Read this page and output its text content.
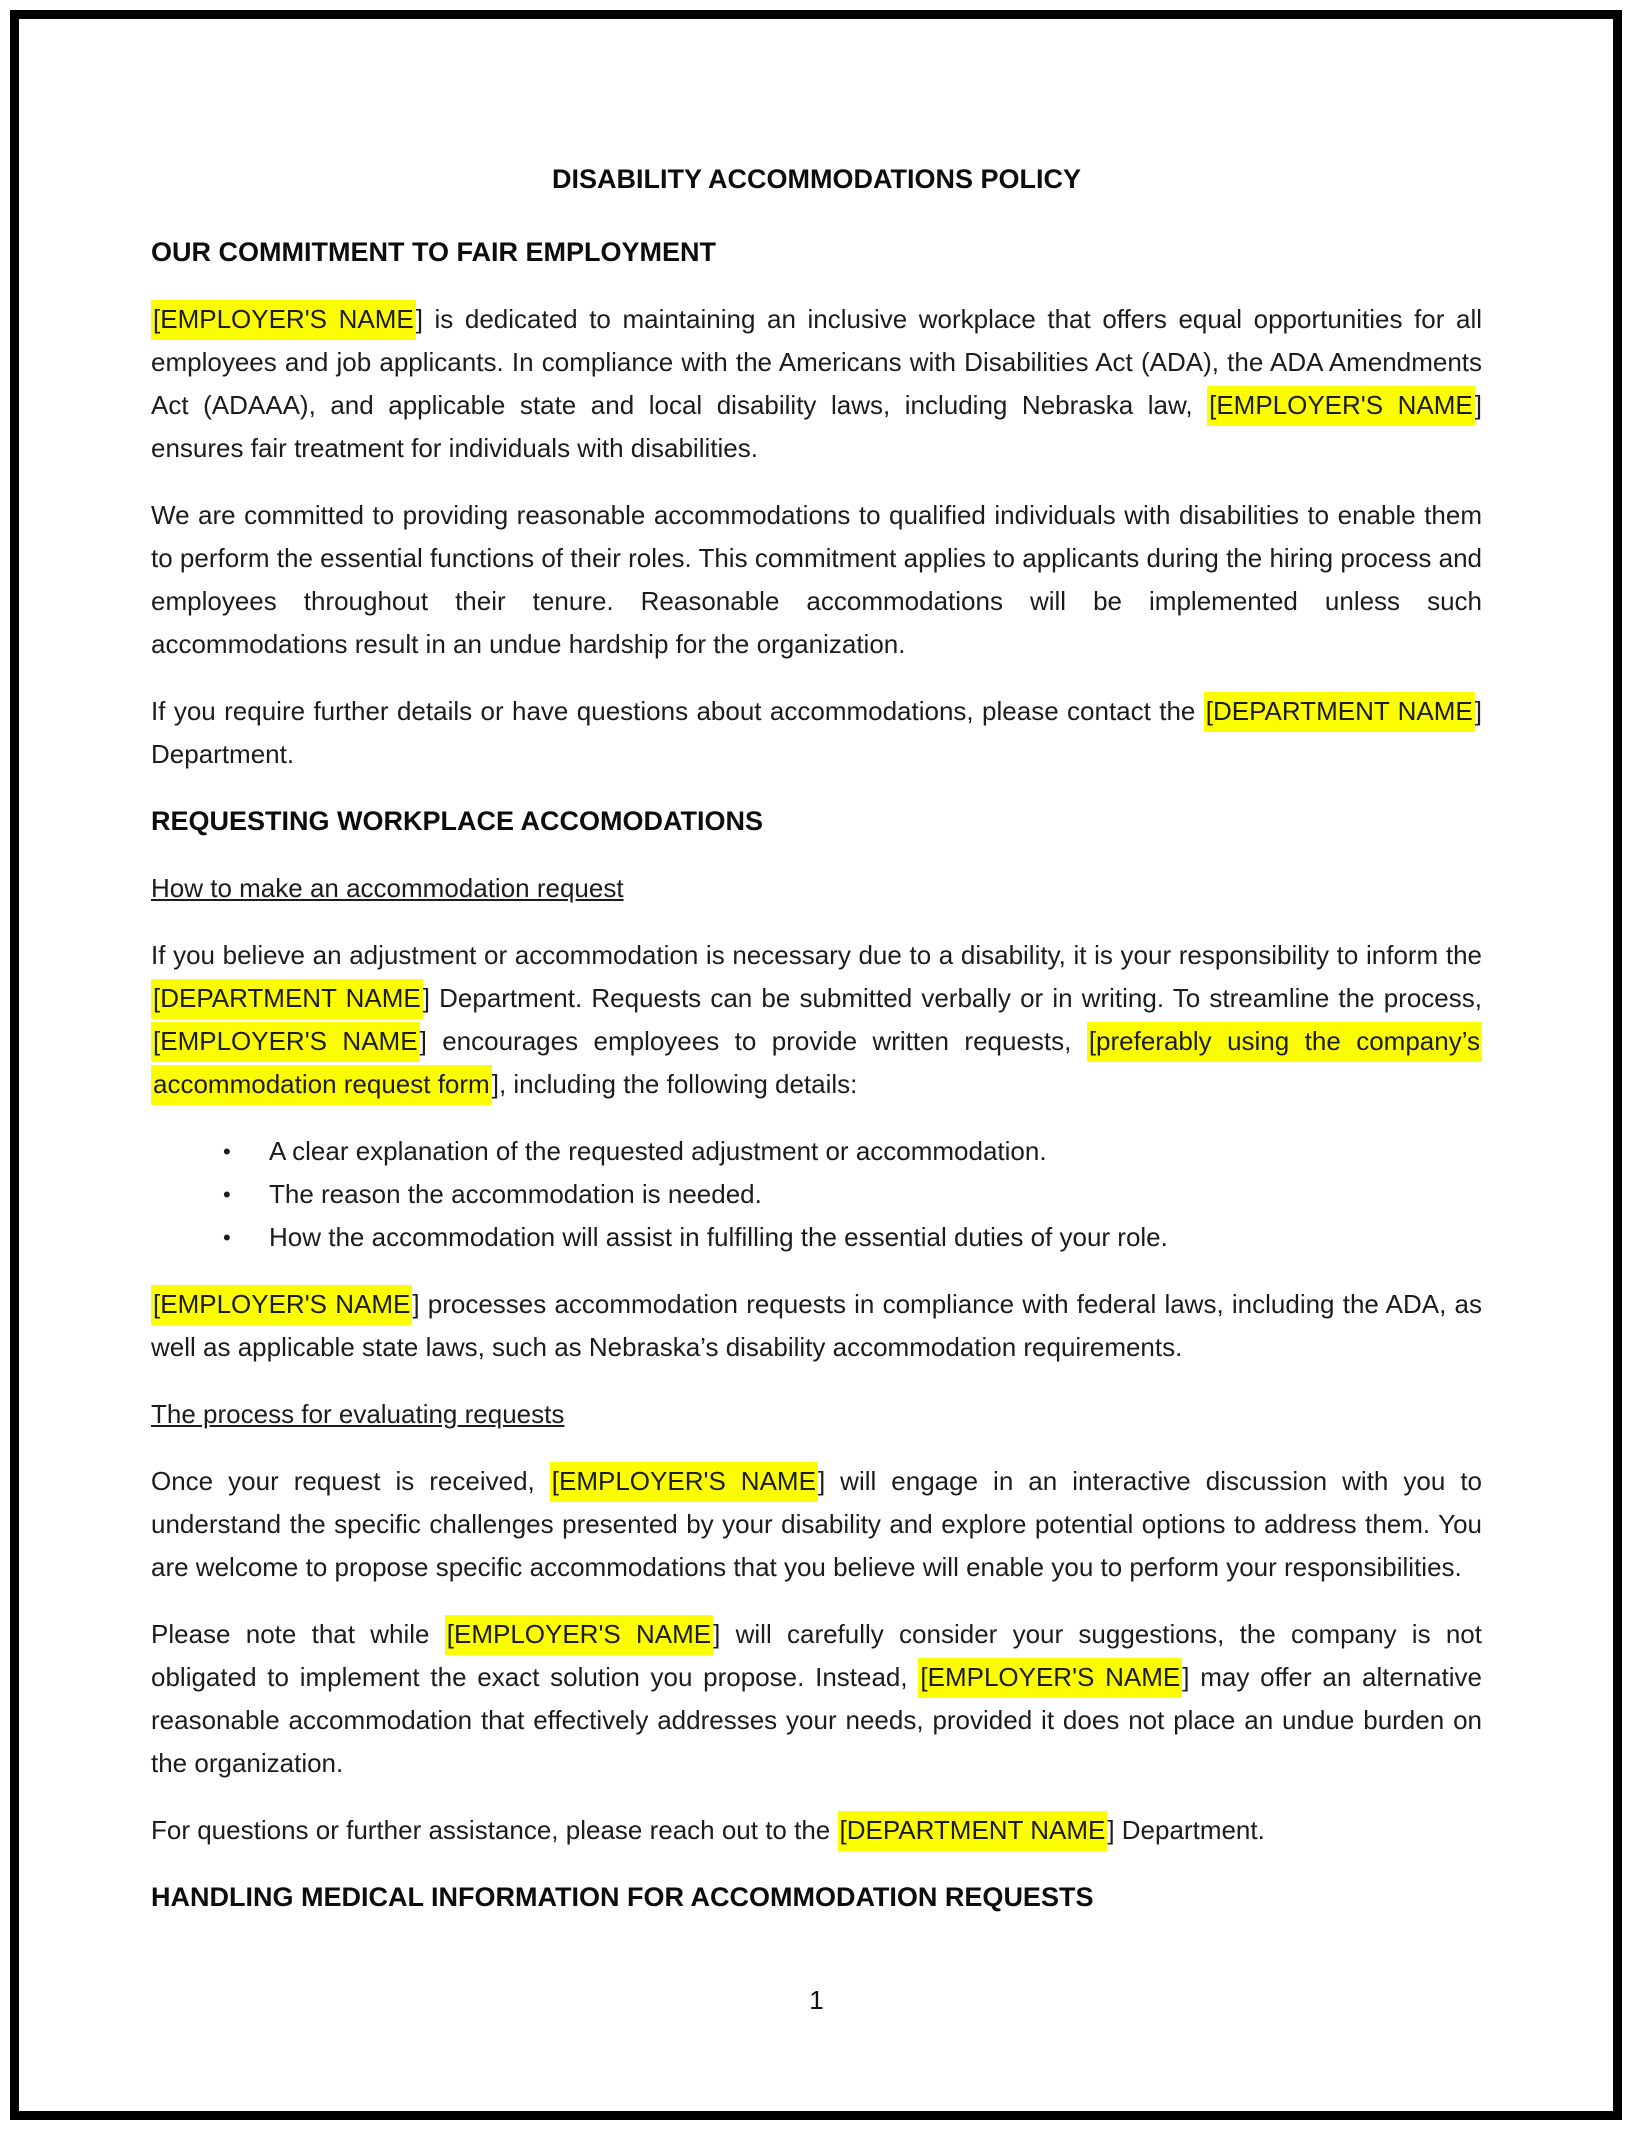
DISABILITY ACCOMMODATIONS POLICY
OUR COMMITMENT TO FAIR EMPLOYMENT

[EMPLOYER'S NAME] is dedicated to maintaining an inclusive workplace that offers equal opportunities for all employees and job applicants. In compliance with the Americans with Disabilities Act (ADA), the ADA Amendments Act (ADAAA), and applicable state and local disability laws, including Nebraska law, [EMPLOYER'S NAME] ensures fair treatment for individuals with disabilities.

We are committed to providing reasonable accommodations to qualified individuals with disabilities to enable them to perform the essential functions of their roles. This commitment applies to applicants during the hiring process and employees throughout their tenure. Reasonable accommodations will be implemented unless such accommodations result in an undue hardship for the organization.

If you require further details or have questions about accommodations, please contact the [DEPARTMENT NAME] Department.

REQUESTING WORKPLACE ACCOMODATIONS
How to make an accommodation request

If you believe an adjustment or accommodation is necessary due to a disability, it is your responsibility to inform the [DEPARTMENT NAME] Department. Requests can be submitted verbally or in writing. To streamline the process, [EMPLOYER'S NAME] encourages employees to provide written requests, [preferably using the company’s accommodation request form], including the following details:

•	A clear explanation of the requested adjustment or accommodation.
•	The reason the accommodation is needed.
•	How the accommodation will assist in fulfilling the essential duties of your role.

[EMPLOYER'S NAME] processes accommodation requests in compliance with federal laws, including the ADA, as well as applicable state laws, such as Nebraska’s disability accommodation requirements.

The process for evaluating requests

Once your request is received, [EMPLOYER'S NAME] will engage in an interactive discussion with you to understand the specific challenges presented by your disability and explore potential options to address them. You are welcome to propose specific accommodations that you believe will enable you to perform your responsibilities.

Please note that while [EMPLOYER'S NAME] will carefully consider your suggestions, the company is not obligated to implement the exact solution you propose. Instead, [EMPLOYER'S NAME] may offer an alternative reasonable accommodation that effectively addresses your needs, provided it does not place an undue burden on the organization.

For questions or further assistance, please reach out to the [DEPARTMENT NAME] Department.

HANDLING MEDICAL INFORMATION FOR ACCOMMODATION REQUESTS
1
